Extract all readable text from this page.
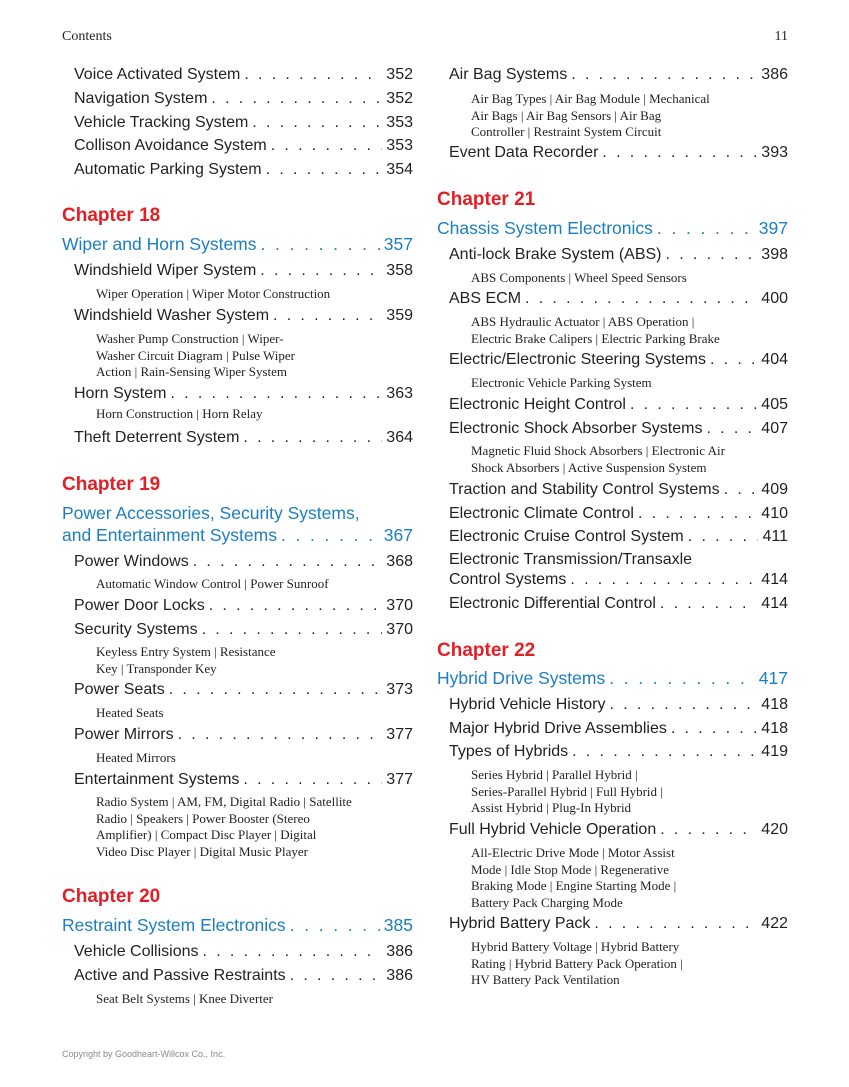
Contents	11
Voice Activated System . . .	352
Navigation System . . .	352
Vehicle Tracking System . . .	353
Collison Avoidance System . . .	353
Automatic Parking System . . .	354
Chapter 18
Wiper and Horn Systems . . .	357
Windshield Wiper System . . .	358
Wiper Operation | Wiper Motor Construction
Windshield Washer System . . .	359
Washer Pump Construction | Wiper-
Washer Circuit Diagram | Pulse Wiper
Action | Rain-Sensing Wiper System
Horn System . . .	363
Horn Construction | Horn Relay
Theft Deterrent System . . .	364
Chapter 19
Power Accessories, Security Systems,
and Entertainment Systems . . .	367
Power Windows . . .	368
Automatic Window Control | Power Sunroof
Power Door Locks . . .	370
Security Systems . . .	370
Keyless Entry System | Resistance
Key | Transponder Key
Power Seats . . .	373
Heated Seats
Power Mirrors . . .	377
Heated Mirrors
Entertainment Systems . . .	377
Radio System | AM, FM, Digital Radio | Satellite
Radio | Speakers | Power Booster (Stereo
Amplifier) | Compact Disc Player | Digital
Video Disc Player | Digital Music Player
Chapter 20
Restraint System Electronics . . .	385
Vehicle Collisions . . .	386
Active and Passive Restraints . . .	386
Seat Belt Systems | Knee Diverter
Air Bag Systems . . .	386
Air Bag Types | Air Bag Module | Mechanical
Air Bags | Air Bag Sensors | Air Bag
Controller | Restraint System Circuit
Event Data Recorder . . .	393
Chapter 21
Chassis System Electronics . . .	397
Anti-lock Brake System (ABS) . . .	398
ABS Components | Wheel Speed Sensors
ABS ECM . . .	400
ABS Hydraulic Actuator | ABS Operation |
Electric Brake Calipers | Electric Parking Brake
Electric/Electronic Steering Systems . . .	404
Electronic Vehicle Parking System
Electronic Height Control . . .	405
Electronic Shock Absorber Systems . . .	407
Magnetic Fluid Shock Absorbers | Electronic Air
Shock Absorbers | Active Suspension System
Traction and Stability Control Systems . . .	409
Electronic Climate Control . . .	410
Electronic Cruise Control System . . .	411
Electronic Transmission/Transaxle
Control Systems . . .	414
Electronic Differential Control . . .	414
Chapter 22
Hybrid Drive Systems . . .	417
Hybrid Vehicle History . . .	418
Major Hybrid Drive Assemblies . . .	418
Types of Hybrids . . .	419
Series Hybrid | Parallel Hybrid |
Series-Parallel Hybrid | Full Hybrid |
Assist Hybrid | Plug-In Hybrid
Full Hybrid Vehicle Operation . . .	420
All-Electric Drive Mode | Motor Assist
Mode | Idle Stop Mode | Regenerative
Braking Mode | Engine Starting Mode |
Battery Pack Charging Mode
Hybrid Battery Pack . . .	422
Hybrid Battery Voltage | Hybrid Battery
Rating | Hybrid Battery Pack Operation |
HV Battery Pack Ventilation
Copyright by Goodheart-Willcox Co., Inc.
